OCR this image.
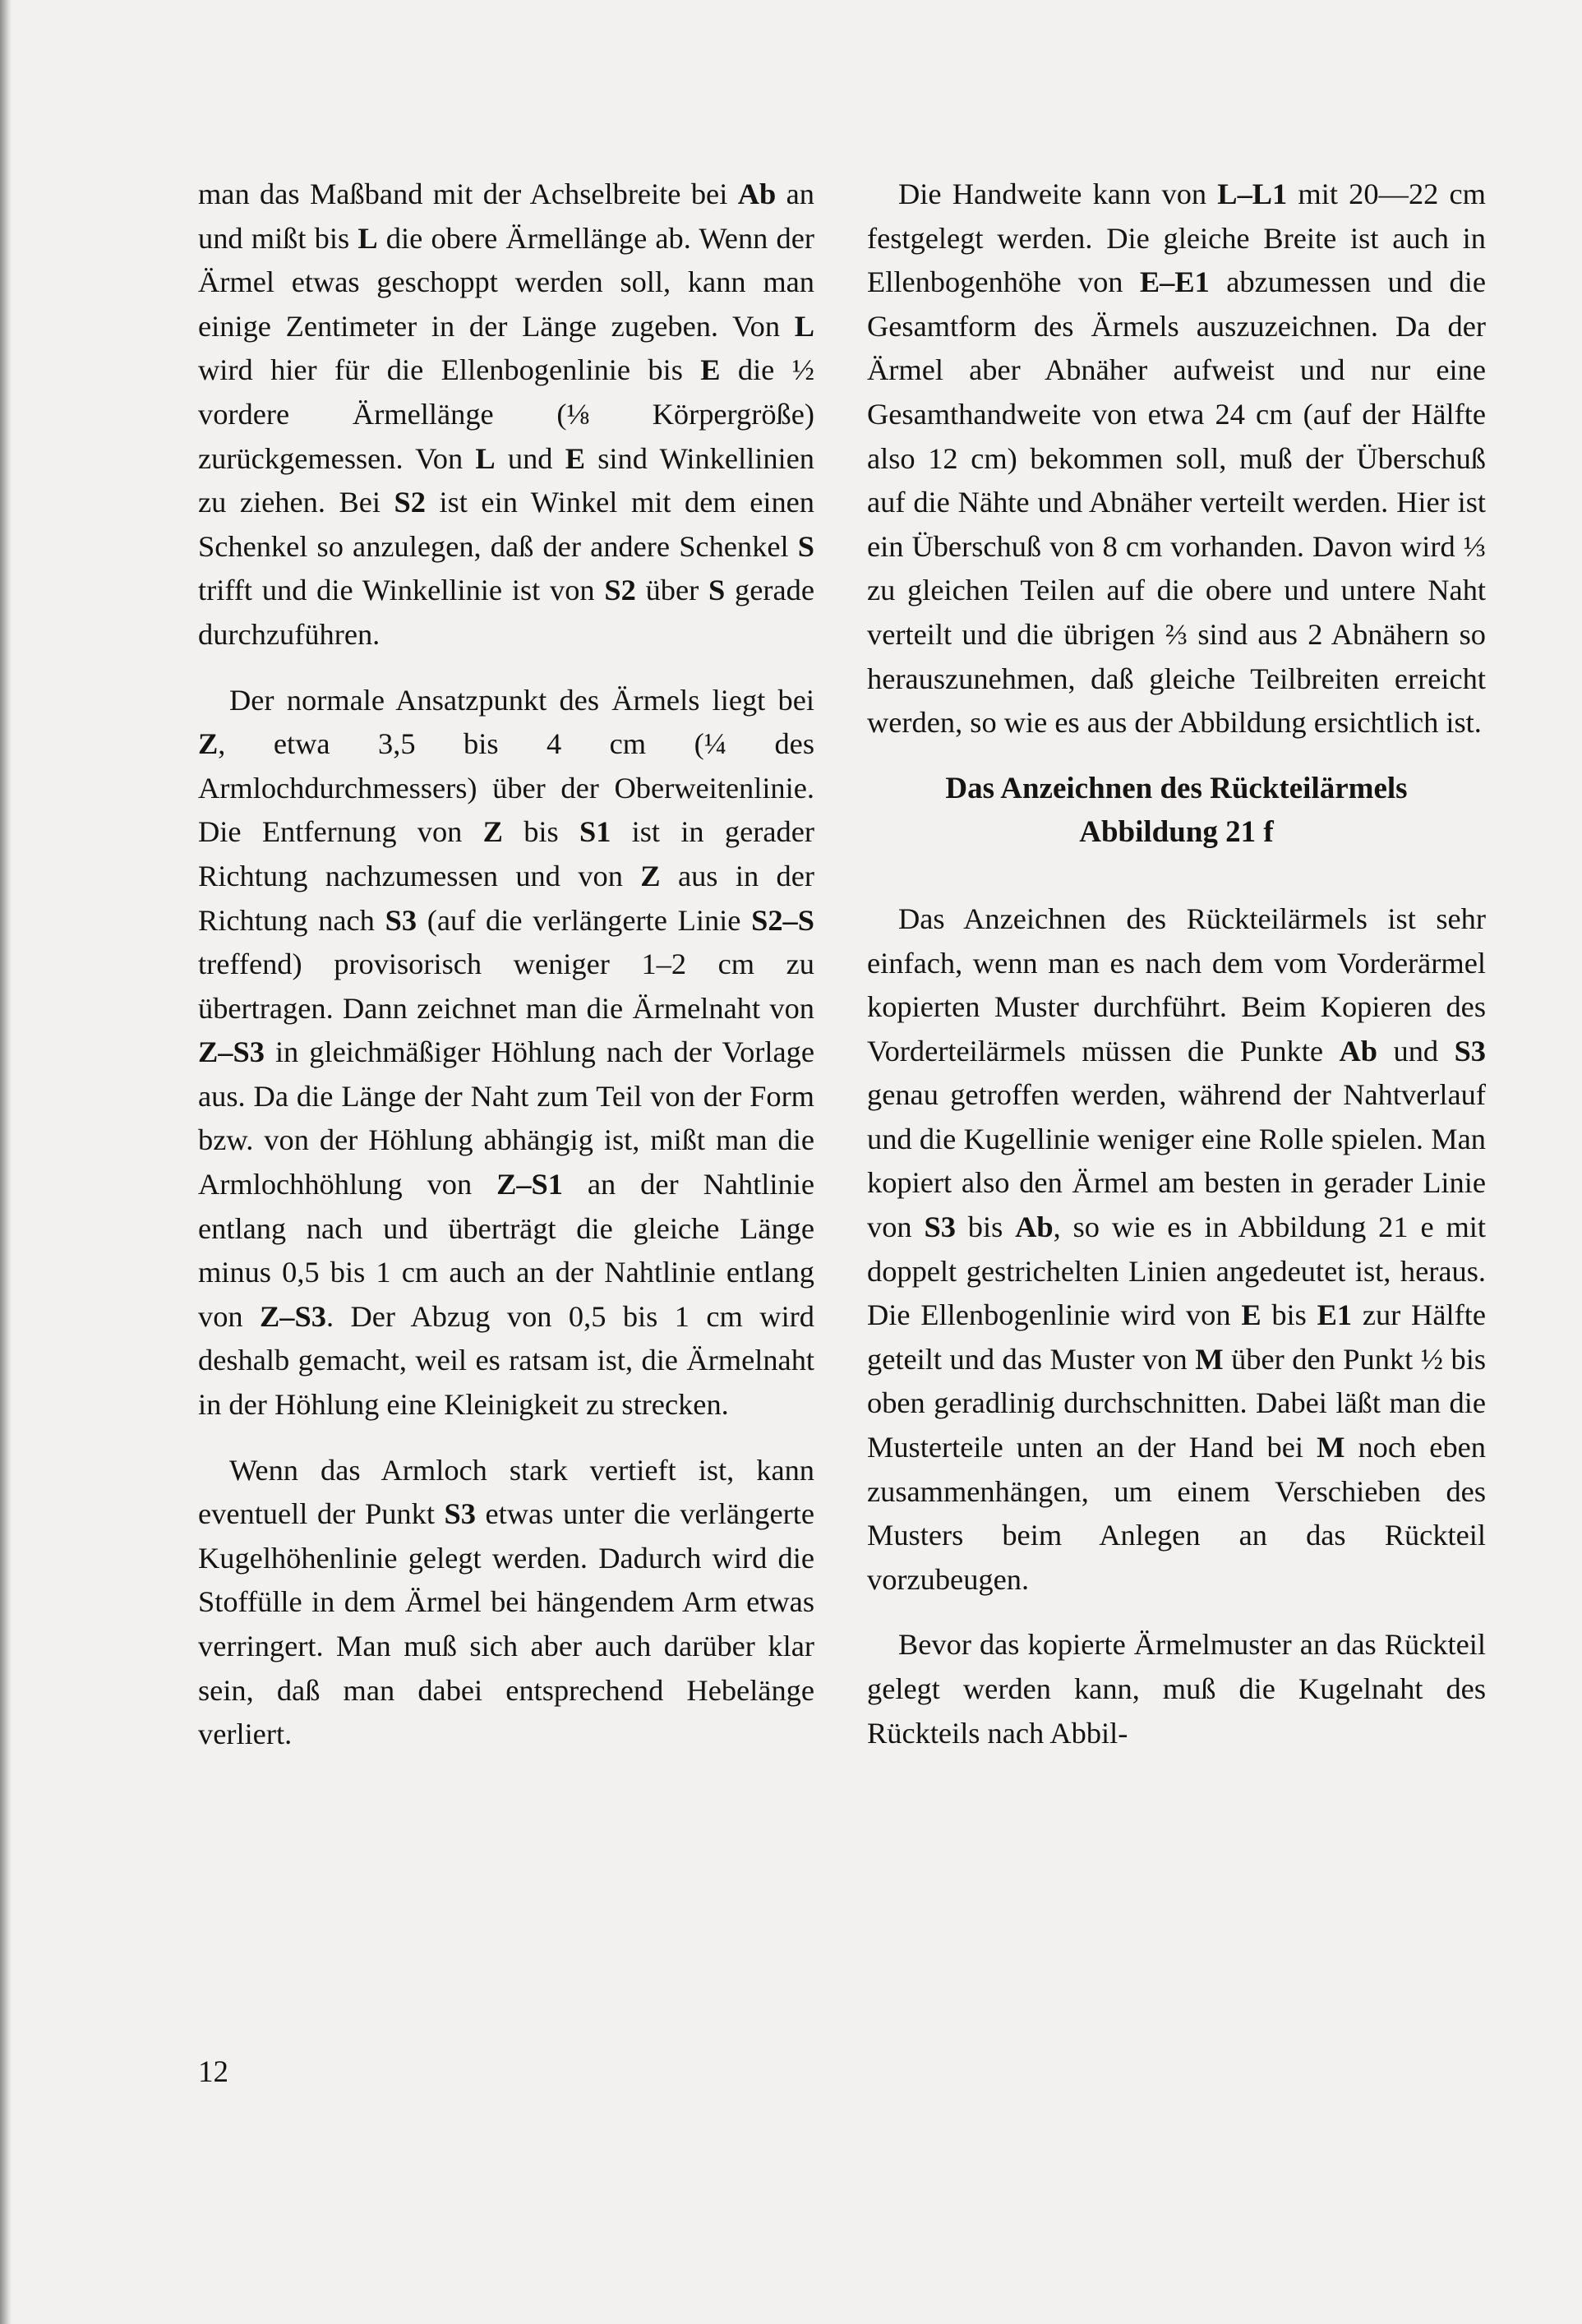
man das Maßband mit der Achselbreite bei Ab an und mißt bis L die obere Ärmellänge ab. Wenn der Ärmel etwas geschoppt werden soll, kann man einige Zentimeter in der Länge zugeben. Von L wird hier für die Ellenbogenlinie bis E die ½ vordere Ärmellänge (⅛ Körpergröße) zurückgemessen. Von L und E sind Winkellinien zu ziehen. Bei S2 ist ein Winkel mit dem einen Schenkel so anzulegen, daß der andere Schenkel S trifft und die Winkellinie ist von S2 über S gerade durchzuführen.

Der normale Ansatzpunkt des Ärmels liegt bei Z, etwa 3,5 bis 4 cm (¼ des Armlochdurchmessers) über der Oberweitenlinie. Die Entfernung von Z bis S1 ist in gerader Richtung nachzumessen und von Z aus in der Richtung nach S3 (auf die verlängerte Linie S2–S treffend) provisorisch weniger 1–2 cm zu übertragen. Dann zeichnet man die Ärmelnaht von Z–S3 in gleichmäßiger Höhlung nach der Vorlage aus. Da die Länge der Naht zum Teil von der Form bzw. von der Höhlung abhängig ist, mißt man die Armlochhöhlung von Z–S1 an der Nahtlinie entlang nach und überträgt die gleiche Länge minus 0,5 bis 1 cm auch an der Nahtlinie entlang von Z–S3. Der Abzug von 0,5 bis 1 cm wird deshalb gemacht, weil es ratsam ist, die Ärmelnaht in der Höhlung eine Kleinigkeit zu strecken.

Wenn das Armloch stark vertieft ist, kann eventuell der Punkt S3 etwas unter die verlängerte Kugelhöhenlinie gelegt werden. Dadurch wird die Stoffülle in dem Ärmel bei hängendem Arm etwas verringert. Man muß sich aber auch darüber klar sein, daß man dabei entsprechend Hebelänge verliert.

Die Handweite kann von L–L1 mit 20—22 cm festgelegt werden. Die gleiche Breite ist auch in Ellenbogenhöhe von E–E1 abzumessen und die Gesamtform des Ärmels auszuzeichnen. Da der Ärmel aber Abnäher aufweist und nur eine Gesamthandweite von etwa 24 cm (auf der Hälfte also 12 cm) bekommen soll, muß der Überschuß auf die Nähte und Abnäher verteilt werden. Hier ist ein Überschuß von 8 cm vorhanden. Davon wird ⅓ zu gleichen Teilen auf die obere und untere Naht verteilt und die übrigen ⅔ sind aus 2 Abnähern so herauszunehmen, daß gleiche Teilbreiten erreicht werden, so wie es aus der Abbildung ersichtlich ist.

Das Anzeichnen des Rückteilärmels
Abbildung 21 f

Das Anzeichnen des Rückteilärmels ist sehr einfach, wenn man es nach dem vom Vorderärmel kopierten Muster durchführt. Beim Kopieren des Vorderteilärmels müssen die Punkte Ab und S3 genau getroffen werden, während der Nahtverlauf und die Kugellinie weniger eine Rolle spielen. Man kopiert also den Ärmel am besten in gerader Linie von S3 bis Ab, so wie es in Abbildung 21 e mit doppelt gestrichelten Linien angedeutet ist, heraus. Die Ellenbogenlinie wird von E bis E1 zur Hälfte geteilt und das Muster von M über den Punkt ½ bis oben geradlinig durchschnitten. Dabei läßt man die Musterteile unten an der Hand bei M noch eben zusammenhängen, um einem Verschieben des Musters beim Anlegen an das Rückteil vorzubeugen.

Bevor das kopierte Ärmelmuster an das Rückteil gelegt werden kann, muß die Kugelnaht des Rückteils nach Abbil-

12
